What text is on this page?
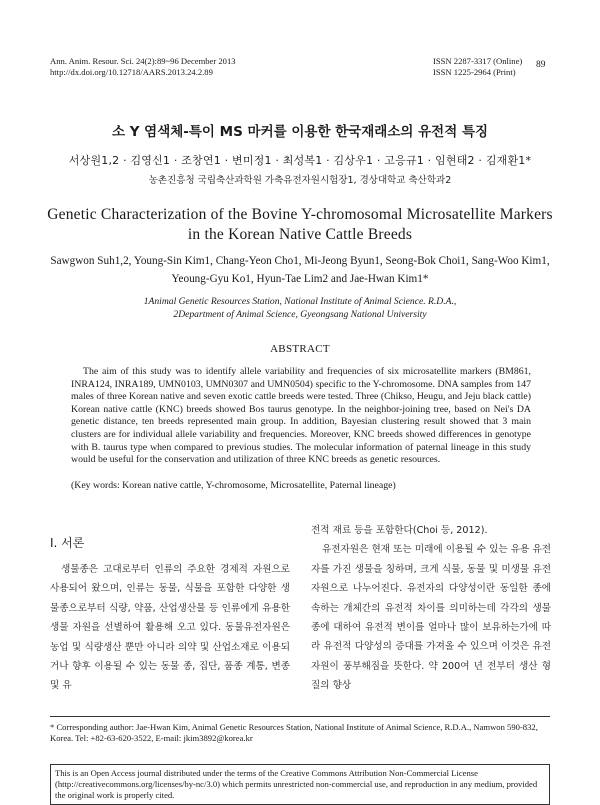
Ann. Anim. Resour. Sci. 24(2):89~96 December 2013
http://dx.doi.org/10.12718/AARS.2013.24.2.89
ISSN 2287-3317 (Online)
ISSN 1225-2964 (Print)
89
소 Y 염색체-특이 MS 마커를 이용한 한국재래소의 유전적 특징
서상원1,2 · 김영신1 · 조창연1 · 변미정1 · 최성복1 · 김상우1 · 고응규1 · 임현태2 · 김재환1*
농촌진흥청 국립축산과학원 가축유전자원시험장1, 경상대학교 축산학과2
Genetic Characterization of the Bovine Y-chromosomal Microsatellite Markers in the Korean Native Cattle Breeds
Sawgwon Suh1,2, Young-Sin Kim1, Chang-Yeon Cho1, Mi-Jeong Byun1, Seong-Bok Choi1, Sang-Woo Kim1, Yeoung-Gyu Ko1, Hyun-Tae Lim2 and Jae-Hwan Kim1*
1Animal Genetic Resources Station, National Institute of Animal Science. R.D.A.,
2Department of Animal Science, Gyeongsang National University
ABSTRACT
The aim of this study was to identify allele variability and frequencies of six microsatellite markers (BM861, INRA124, INRA189, UMN0103, UMN0307 and UMN0504) specific to the Y-chromosome. DNA samples from 147 males of three Korean native and seven exotic cattle breeds were tested. Three (Chikso, Heugu, and Jeju black cattle) Korean native cattle (KNC) breeds showed Bos taurus genotype. In the neighbor-joining tree, based on Nei's DA genetic distance, ten breeds represented main group. In addition, Bayesian clustering result showed that 3 main clusters are for individual allele variability and frequencies. Moreover, KNC breeds showed differences in genotype with B. taurus type when compared to previous studies. The molecular information of paternal lineage in this study would be useful for the conservation and utilization of three KNC breeds as genetic resources.
(Key words: Korean native cattle, Y-chromosome, Microsatellite, Paternal lineage)
Ⅰ. 서론
생물종은 고대로부터 인류의 주요한 경제적 자원으로 사용되어 왔으며, 인류는 동물, 식물을 포함한 다양한 생물종으로부터 식량, 약품, 산업생산물 등 인류에게 유용한 생물 자원을 선별하여 활용해 오고 있다. 동물유전자원은 농업 및 식량생산 뿐만 아니라 의약 및 산업소재로 이용되거나 향후 이용될 수 있는 동물 종, 집단, 품종 계통, 변종 및 유
전적 재료 등을 포함한다(Choi 등, 2012).
유전자원은 현재 또는 미래에 이용될 수 있는 유용 유전자를 가진 생물을 칭하며, 크게 식물, 동물 및 미생물 유전자원으로 나누어진다. 유전자의 다양성이란 동일한 종에 속하는 개체간의 유전적 차이를 의미하는데 각각의 생물종에 대하여 유전적 변이를 얼마나 많이 보유하는가에 따라 유전적 다양성의 증대를 가져올 수 있으며 이것은 유전자원이 풍부해짐을 뜻한다. 약 200여 년 전부터 생산 형질의 향상
* Corresponding author: Jae-Hwan Kim, Animal Genetic Resources Station, National Institute of Animal Science, R.D.A., Namwon 590-832, Korea. Tel: +82-63-620-3522, E-mail: jkim3892@korea.kr
This is an Open Access journal distributed under the terms of the Creative Commons Attribution Non-Commercial License (http://creativecommons.org/licenses/by-nc/3.0) which permits unrestricted non-commercial use, and reproduction in any medium, provided the original work is properly cited.
